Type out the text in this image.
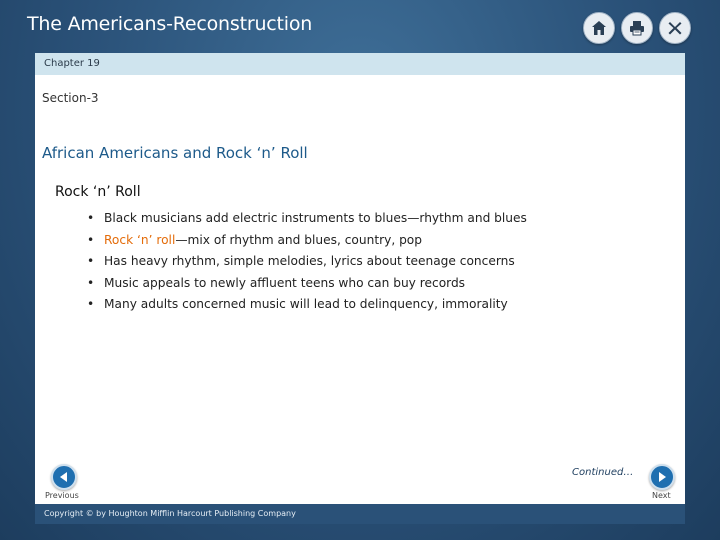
The Americans-Reconstruction
Chapter 19
Section-3
African Americans and Rock ‘n’ Roll
Rock ‘n’ Roll
• Black musicians add electric instruments to blues—rhythm and blues
• Rock ‘n’ roll—mix of rhythm and blues, country, pop
• Has heavy rhythm, simple melodies, lyrics about teenage concerns
• Music appeals to newly affluent teens who can buy records
• Many adults concerned music will lead to delinquency, immorality
Continued…
Previous	Next
Copyright © by Houghton Mifflin Harcourt Publishing Company
